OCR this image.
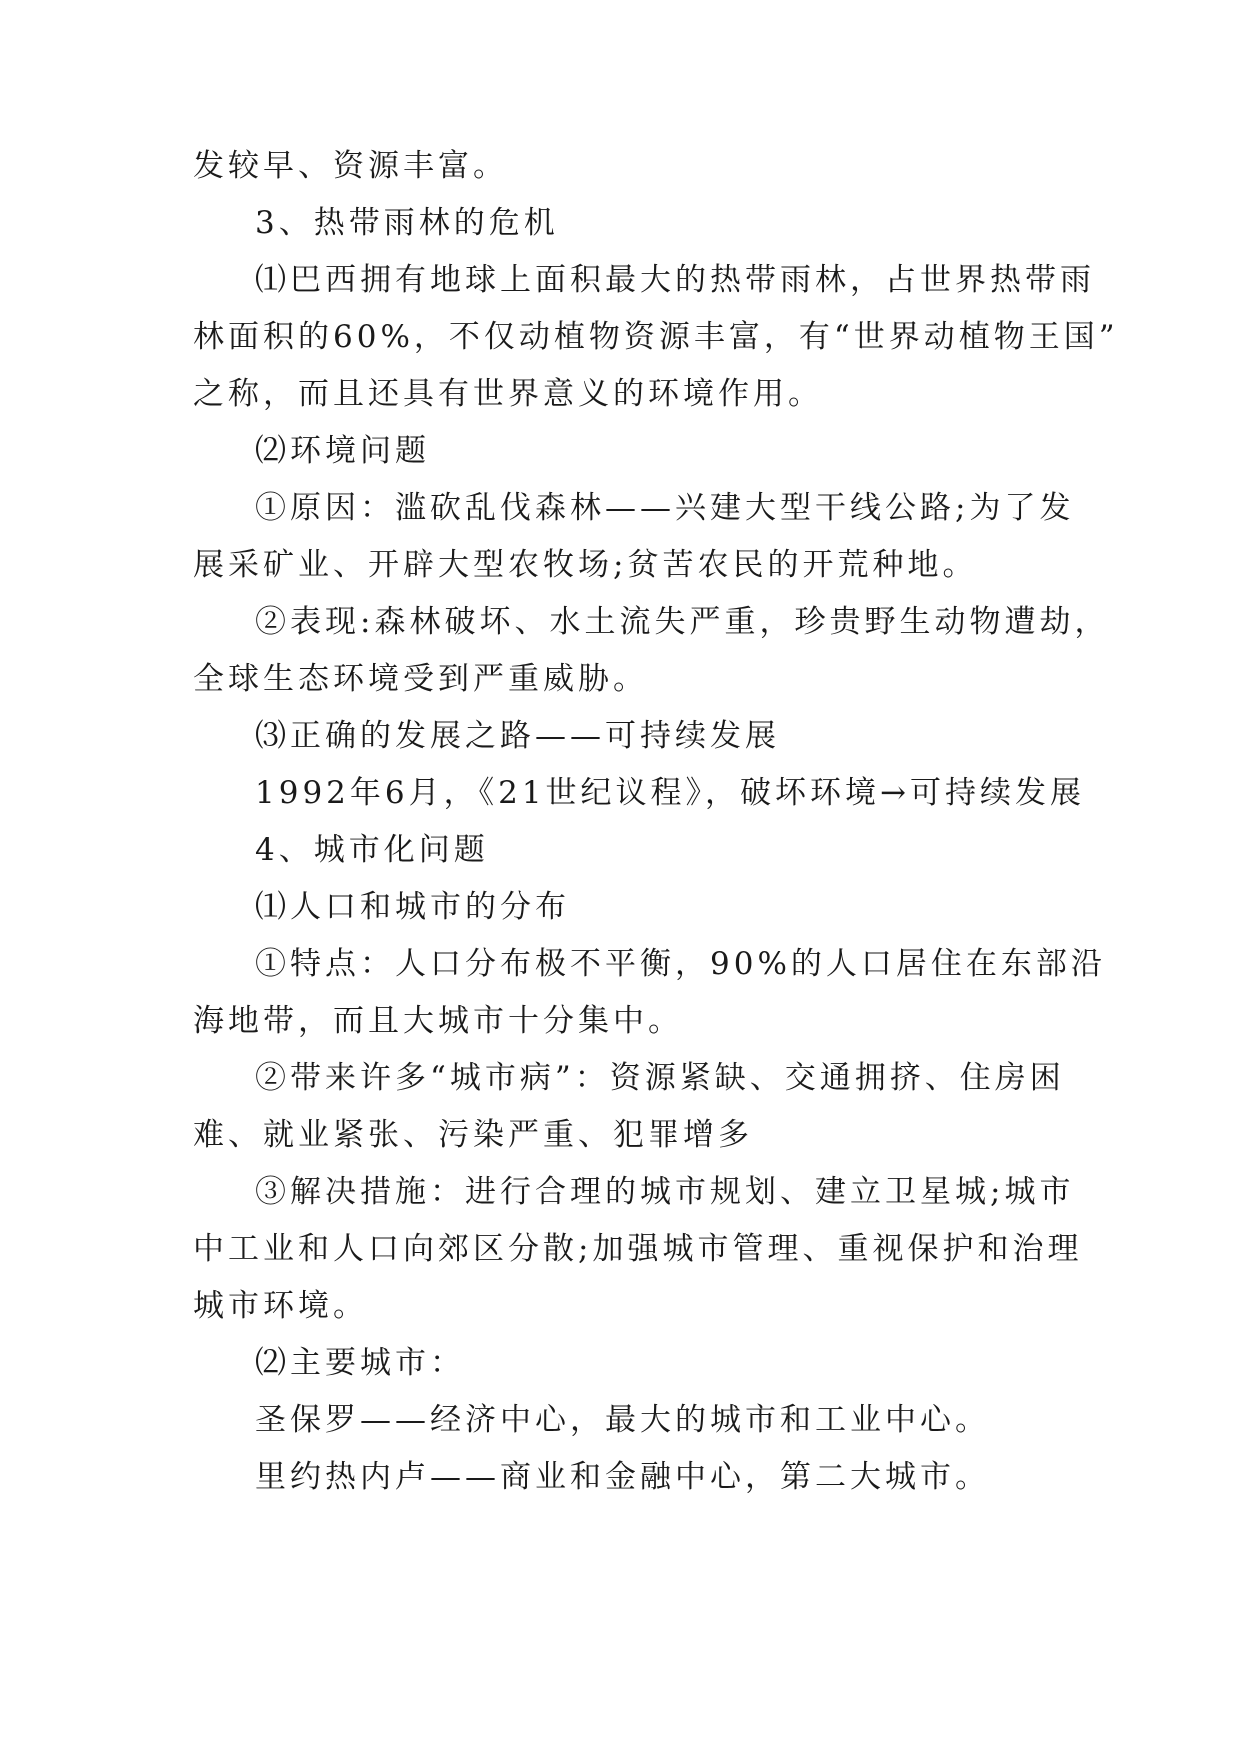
发较早、资源丰富。
3、热带雨林的危机
⑴巴西拥有地球上面积最大的热带雨林，占世界热带雨
林面积的60%，不仅动植物资源丰富，有“世界动植物王国”
之称，而且还具有世界意义的环境作用。
⑵环境问题
①原因：滥砍乱伐森林——兴建大型干线公路;为了发
展采矿业、开辟大型农牧场;贫苦农民的开荒种地。
②表现:森林破坏、水土流失严重，珍贵野生动物遭劫，
全球生态环境受到严重威胁。
⑶正确的发展之路——可持续发展
1992年6月，《21世纪议程》，破坏环境→可持续发展
4、城市化问题
⑴人口和城市的分布
①特点：人口分布极不平衡，90%的人口居住在东部沿
海地带，而且大城市十分集中。
②带来许多“城市病”：资源紧缺、交通拥挤、住房困
难、就业紧张、污染严重、犯罪增多
③解决措施：进行合理的城市规划、建立卫星城;城市
中工业和人口向郊区分散;加强城市管理、重视保护和治理
城市环境。
⑵主要城市：
圣保罗——经济中心，最大的城市和工业中心。
里约热内卢——商业和金融中心，第二大城市。
